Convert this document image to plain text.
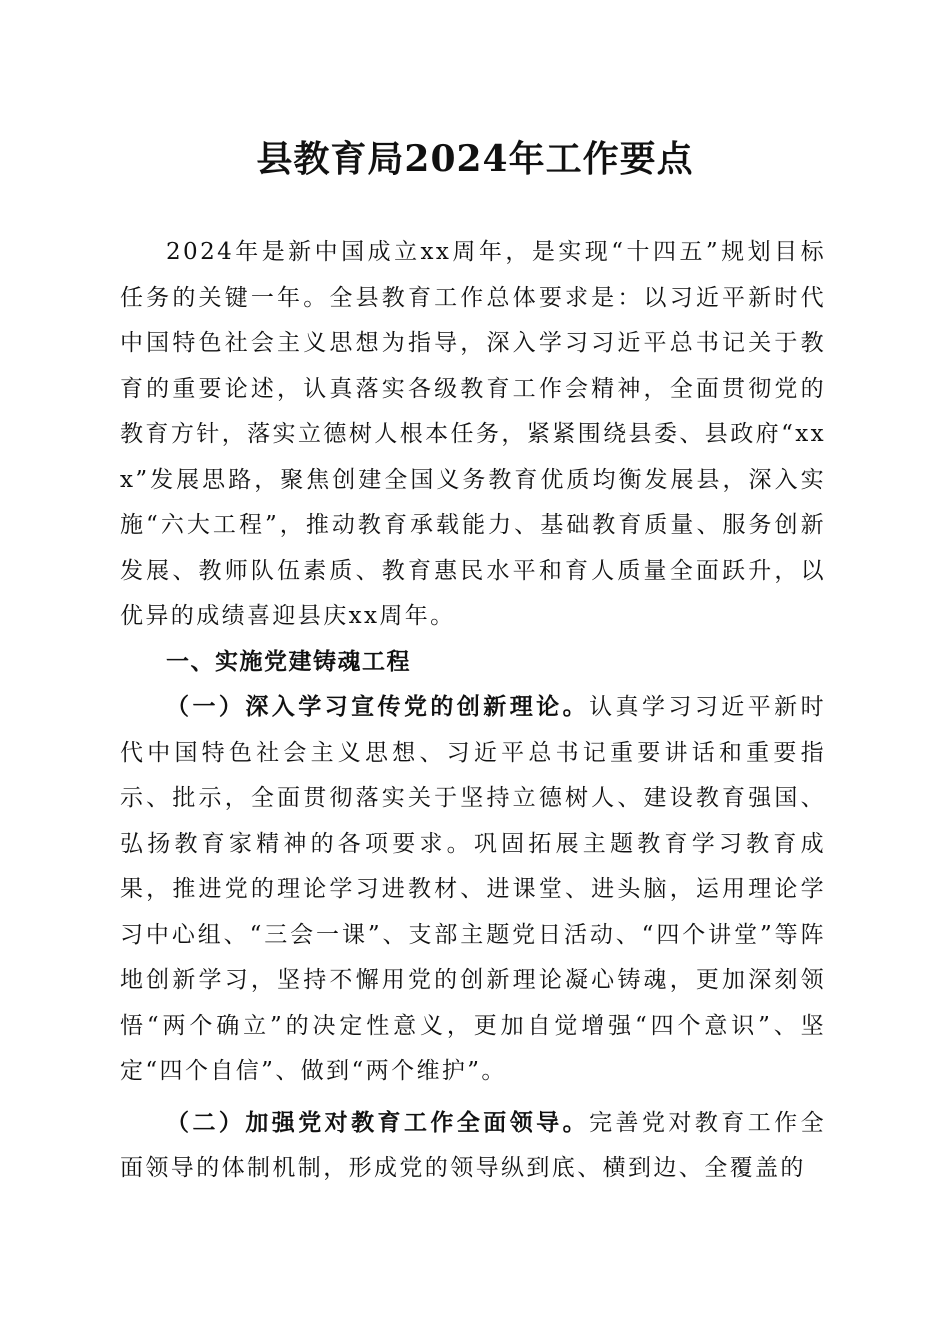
县教育局2024年工作要点

2024年是新中国成立xx周年，是实现“十四五”规划目标任务的关键一年。全县教育工作总体要求是：以习近平新时代中国特色社会主义思想为指导，深入学习习近平总书记关于教育的重要论述，认真落实各级教育工作会精神，全面贯彻党的教育方针，落实立德树人根本任务，紧紧围绕县委、县政府“xxx”发展思路，聚焦创建全国义务教育优质均衡发展县，深入实施“六大工程”，推动教育承载能力、基础教育质量、服务创新发展、教师队伍素质、教育惠民水平和育人质量全面跃升，以优异的成绩喜迎县庆xx周年。

一、实施党建铸魂工程

（一）深入学习宣传党的创新理论。认真学习习近平新时代中国特色社会主义思想、习近平总书记重要讲话和重要指示、批示，全面贯彻落实关于坚持立德树人、建设教育强国、弘扬教育家精神的各项要求。巩固拓展主题教育学习教育成果，推进党的理论学习进教材、进课堂、进头脑，运用理论学习中心组、“三会一课”、支部主题党日活动、“四个讲堂”等阵地创新学习，坚持不懈用党的创新理论凝心铸魂，更加深刻领悟“两个确立”的决定性意义，更加自觉增强“四个意识”、坚定“四个自信”、做到“两个维护”。

（二）加强党对教育工作全面领导。完善党对教育工作全面领导的体制机制，形成党的领导纵到底、横到边、全覆盖的
